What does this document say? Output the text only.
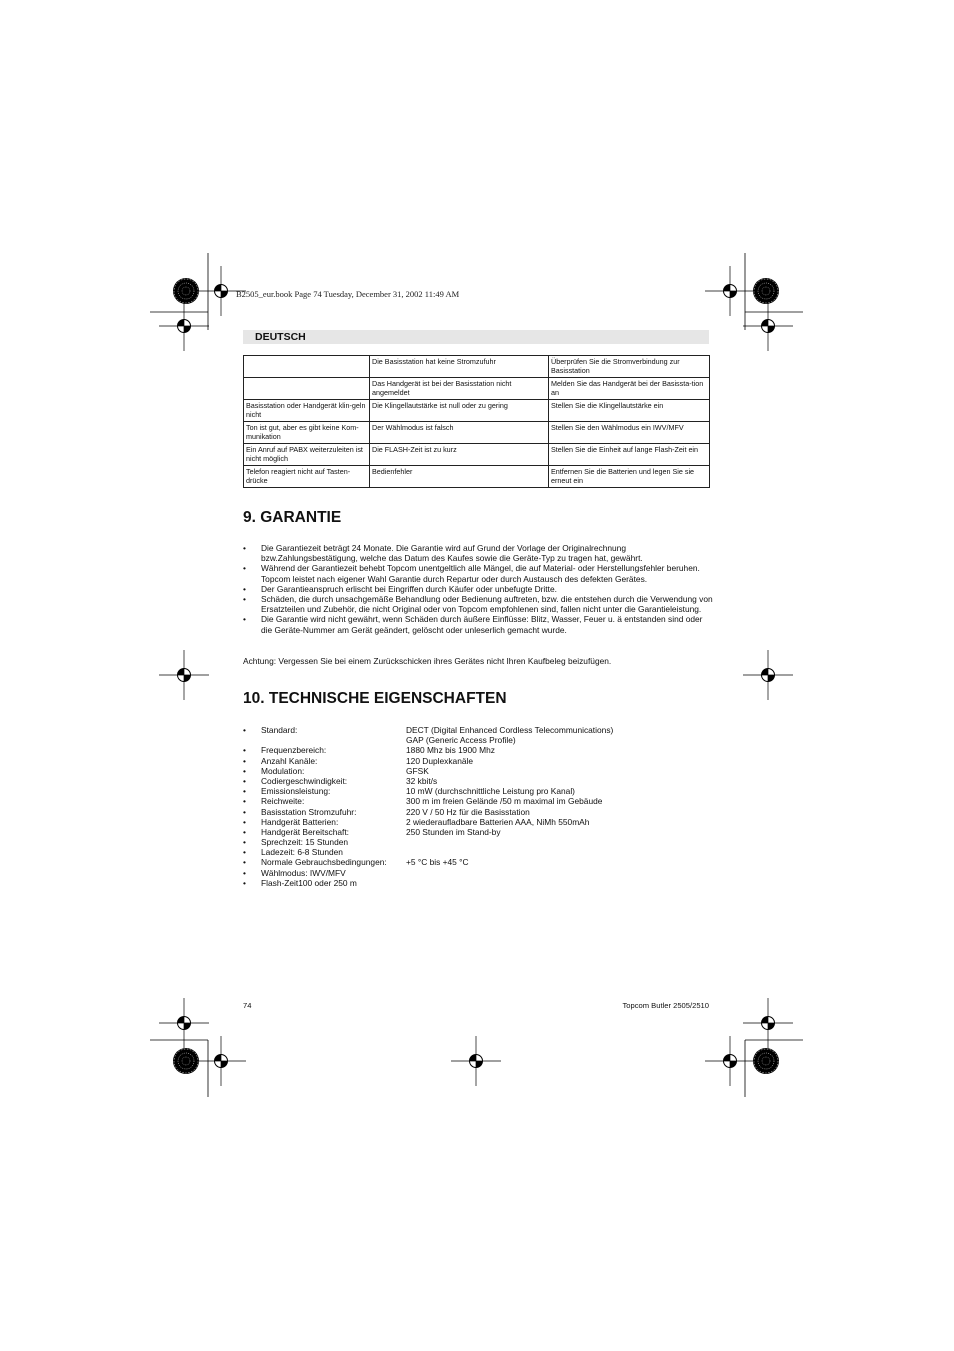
B2505_eur.book Page 74 Tuesday, December 31, 2002 11:49 AM
DEUTSCH
	Die Basisstation hat keine Stromzufuhr	Überprüfen Sie die Stromverbindung zur Basisstation
	Das Handgerät ist bei der Basisstation nicht angemeldet	Melden Sie das Handgerät bei der Basissta-tion an
Basisstation oder Handgerät klin-geln nicht	Die Klingellautstärke ist null oder zu gering	Stellen Sie die Klingellautstärke ein
Ton ist gut, aber es gibt keine Kom-munikation	Der Wählmodus ist falsch	Stellen Sie den Wählmodus ein IWV/MFV
Ein Anruf auf PABX weiterzuleiten ist nicht möglich	Die FLASH-Zeit ist zu kurz	Stellen Sie die Einheit auf lange Flash-Zeit ein
Telefon reagiert nicht auf Tasten-drücke	Bedienfehler	Entfernen Sie die Batterien und legen Sie sie erneut ein
9. GARANTIE
• Die Garantiezeit beträgt 24 Monate. Die Garantie wird auf Grund der Vorlage der Originalrechnung bzw.Zahlungsbestätigung, welche das Datum des Kaufes sowie die Geräte-Typ zu tragen hat, gewährt.
• Während der Garantiezeit behebt Topcom unentgeltlich alle Mängel, die auf Material- oder Herstellungsfehler beruhen. Topcom leistet nach eigener Wahl Garantie durch Repartur oder durch Austausch des defekten Gerätes.
• Der Garantieanspruch erlischt bei Eingriffen durch Käufer oder unbefugte Dritte.
• Schäden, die durch unsachgemäße Behandlung oder Bedienung auftreten, bzw. die entstehen durch die Verwendung von Ersatzteilen und Zubehör, die nicht Original oder von Topcom empfohlenen sind, fallen nicht unter die Garantieleistung.
• Die Garantie wird nicht gewährt, wenn Schäden durch äußere Einflüsse: Blitz, Wasser, Feuer u. ä entstanden sind oder die Geräte-Nummer am Gerät geändert, gelöscht oder unleserlich gemacht wurde.
Achtung: Vergessen Sie bei einem Zurückschicken ihres Gerätes nicht Ihren Kaufbeleg beizufügen.
10. TECHNISCHE EIGENSCHAFTEN
• Standard:	DECT (Digital Enhanced Cordless Telecommunications)
GAP (Generic Access Profile)
• Frequenzbereich:	1880 Mhz bis 1900 Mhz
• Anzahl Kanäle:	120 Duplexkanäle
• Modulation:	GFSK
• Codiergeschwindigkeit:	32 kbit/s
• Emissionsleistung:	10 mW (durchschnittliche Leistung pro Kanal)
• Reichweite:	300 m im freien Gelände /50 m maximal im Gebäude
• Basisstation Stromzufuhr:	220 V / 50 Hz für die Basisstation
• Handgerät Batterien:	2 wiederaufladbare Batterien AAA, NiMh 550mAh
• Handgerät Bereitschaft:	250 Stunden im Stand-by
• Sprechzeit: 15 Stunden
• Ladezeit: 6-8 Stunden
• Normale Gebrauchsbedingungen: +5 °C bis +45 °C
• Wählmodus: IWV/MFV
• Flash-Zeit100 oder 250 m
74	Topcom Butler 2505/2510
